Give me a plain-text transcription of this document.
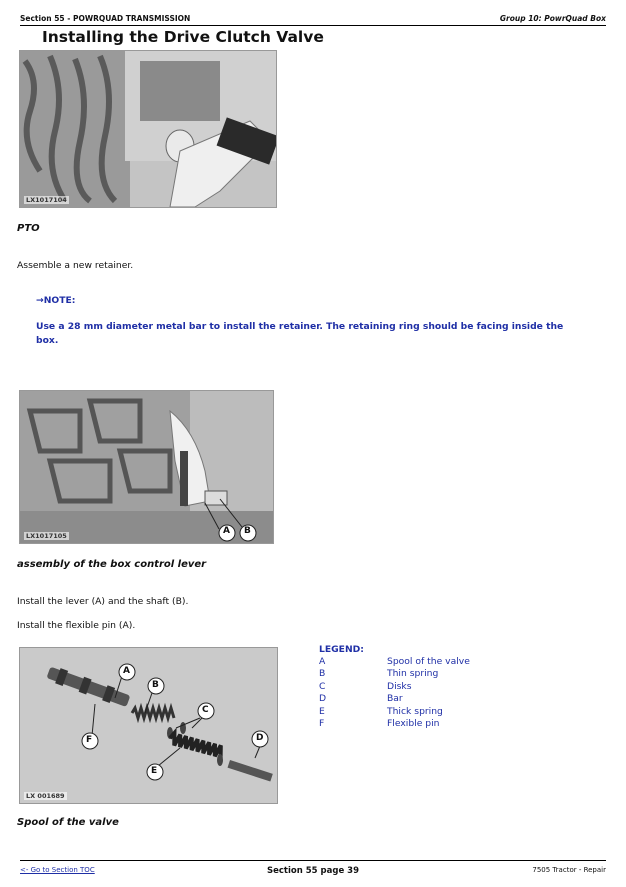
Section 55 - POWRQUAD TRANSMISSION	Group 10: PowrQuad Box
Installing the Drive Clutch Valve
LX1017104
PTO
Assemble a new retainer.
→NOTE:
Use a 28 mm diameter metal bar to install the retainer. The retaining ring should be facing inside the box.
A B
LX1017105
assembly of the box control lever
Install the lever (A) and the shaft (B).
Install the flexible pin (A).
A
B
C
D
E
F
LX 001689
Spool of the valve
LEGEND:
A	Spool of the valve
B	Thin spring
C	Disks
D	Bar
E	Thick spring
F	Flexible pin
<- Go to Section TOC	Section 55 page 39	7505 Tractor - Repair
